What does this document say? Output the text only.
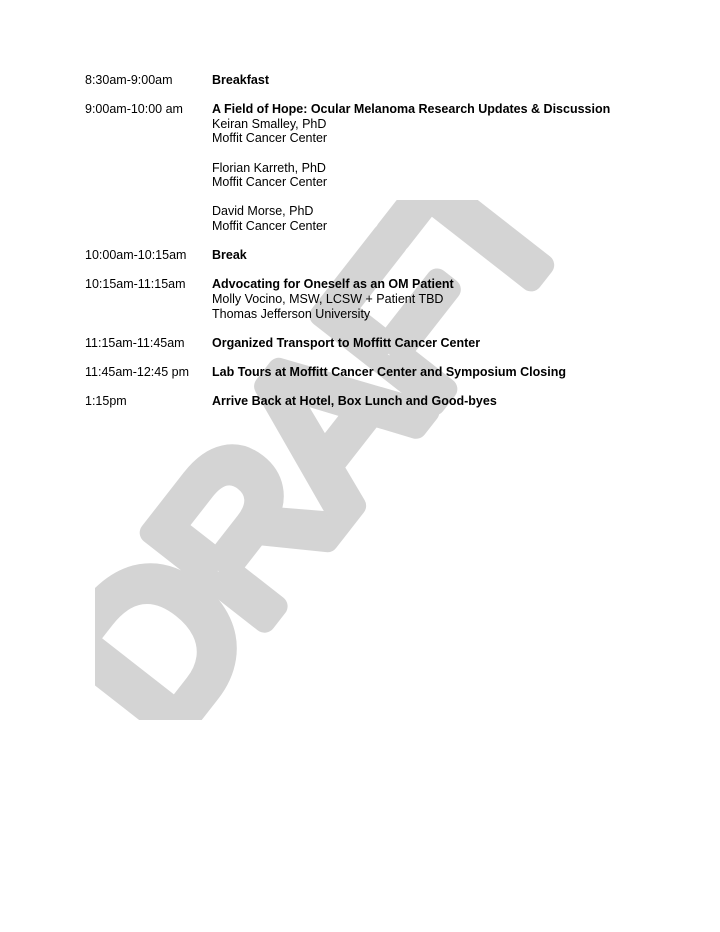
DRAFT
8:30am-9:00am	Breakfast
9:00am-10:00 am	A Field of Hope: Ocular Melanoma Research Updates & Discussion
Keiran Smalley, PhD
Moffit Cancer Center
Florian Karreth, PhD
Moffit Cancer Center
David Morse, PhD
Moffit Cancer Center
10:00am-10:15am	Break
10:15am-11:15am	Advocating for Oneself as an OM Patient
Molly Vocino, MSW, LCSW + Patient TBD
Thomas Jefferson University
11:15am-11:45am	Organized Transport to Moffitt Cancer Center
11:45am-12:45 pm	Lab Tours at Moffitt Cancer Center and Symposium Closing
1:15pm	Arrive Back at Hotel, Box Lunch and Good-byes
